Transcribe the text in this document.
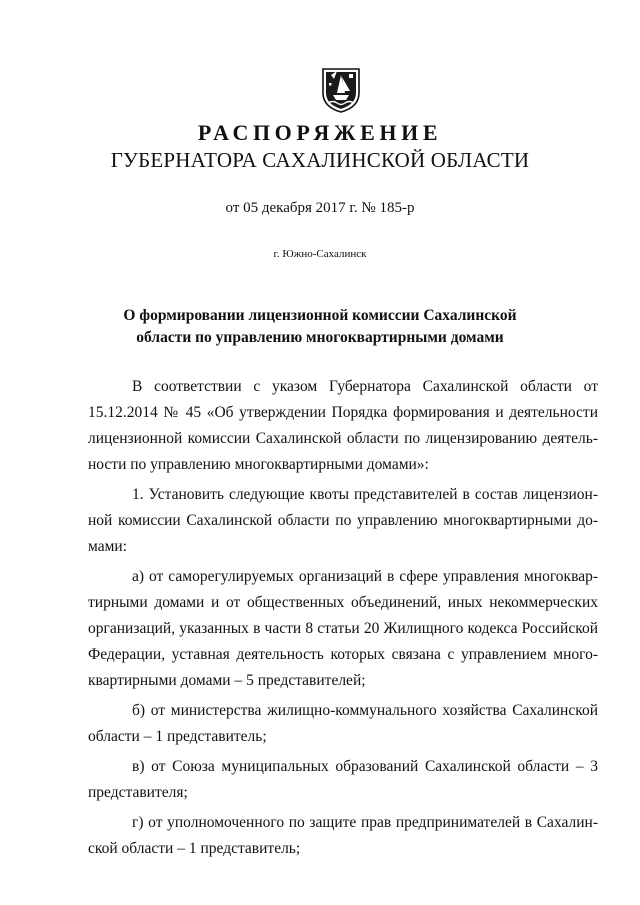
РАСПОРЯЖЕНИЕ
ГУБЕРНАТОРА САХАЛИНСКОЙ ОБЛАСТИ
от 05 декабря 2017 г. № 185-р
г. Южно-Сахалинск
О формировании лицензионной комиссии Сахалинской
области по управлению многоквартирными домами
В соответствии с указом Губернатора Сахалинской области от
15.12.2014 № 45 «Об утверждении Порядка формирования и деятельности
лицензионной комиссии Сахалинской области по лицензированию деятель-
ности по управлению многоквартирными домами»:
1. Установить следующие квоты представителей в состав лицензион-
ной комиссии Сахалинской области по управлению многоквартирными до-
мами:
а) от саморегулируемых организаций в сфере управления многоквар-
тирными домами и от общественных объединений, иных некоммерческих
организаций, указанных в части 8 статьи 20 Жилищного кодекса Российской
Федерации, уставная деятельность которых связана с управлением много-
квартирными домами – 5 представителей;
б) от министерства жилищно-коммунального хозяйства Сахалинской
области – 1 представитель;
в) от Союза муниципальных образований Сахалинской области – 3
представителя;
г) от уполномоченного по защите прав предпринимателей в Сахалин-
ской области – 1 представитель;
